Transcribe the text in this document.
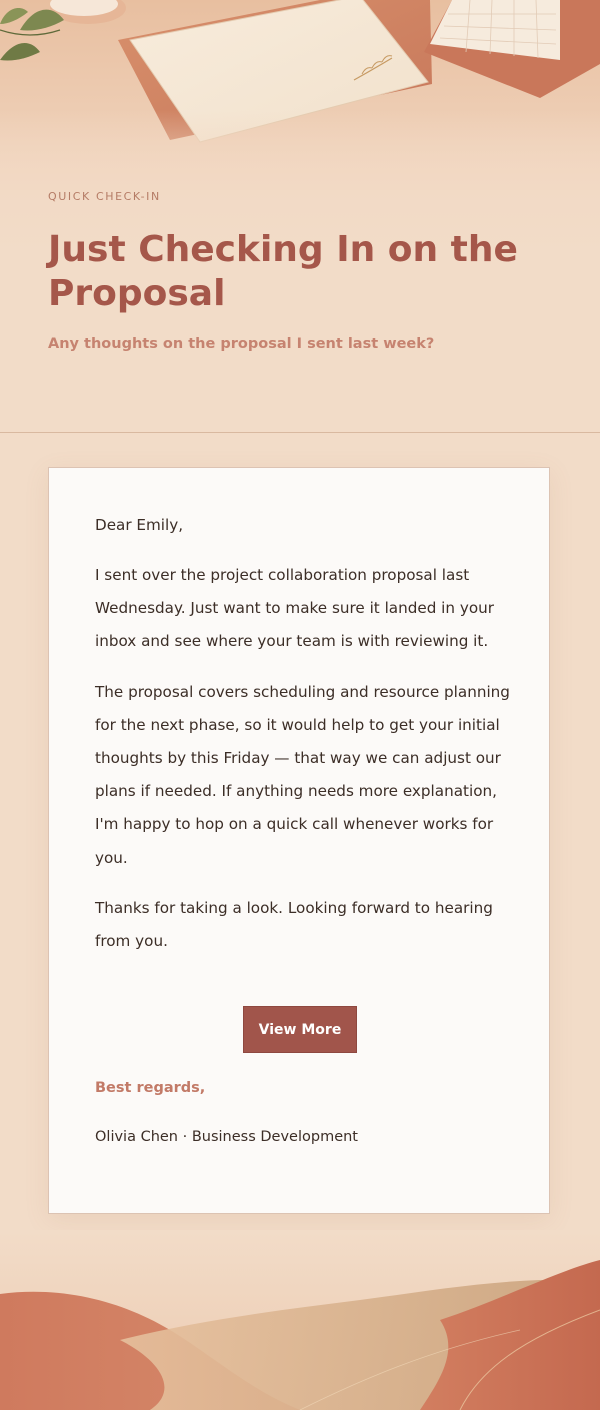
QUICK CHECK-IN
Just Checking In on the Proposal
Any thoughts on the proposal I sent last week?

Dear Emily,

I sent over the project collaboration proposal last Wednesday. Just want to make sure it landed in your inbox and see where your team is with reviewing it.

The proposal covers scheduling and resource planning for the next phase, so it would help to get your initial thoughts by this Friday — that way we can adjust our plans if needed. If anything needs more explanation, I'm happy to hop on a quick call whenever works for you.

Thanks for taking a look. Looking forward to hearing from you.

View More
Best regards,
Olivia Chen · Business Development
